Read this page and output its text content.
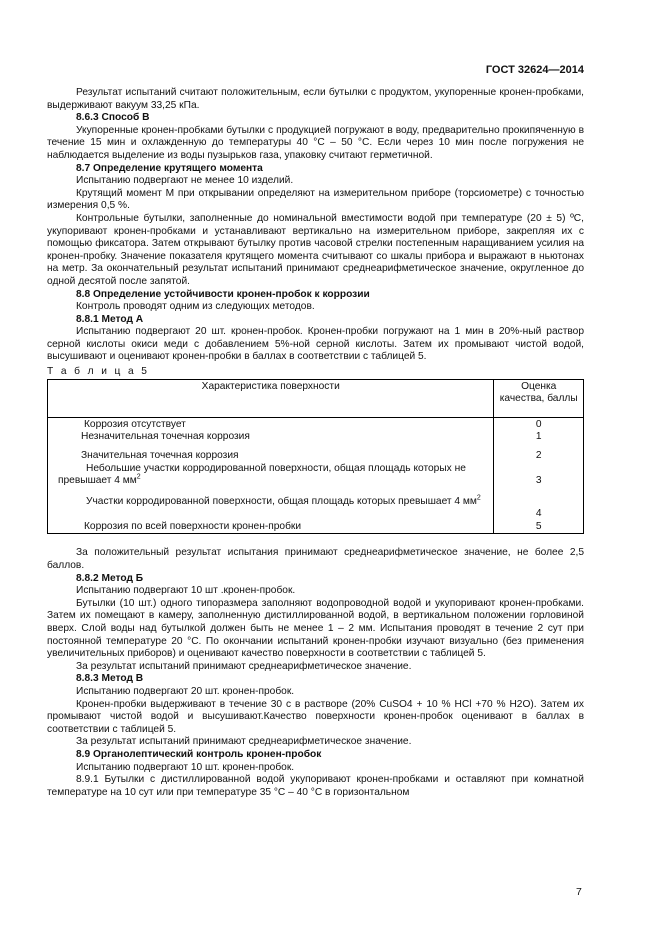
ГОСТ 32624—2014

Результат испытаний считают положительным, если бутылки с продуктом, укупоренные кронен-пробками, выдерживают вакуум 33,25 кПа.

8.6.3 Способ В

Укупоренные кронен-пробками бутылки с продукцией погружают в воду, предварительно прокипяченную в течение 15 мин и охлажденную до температуры 40 °С – 50 °С. Если через 10 мин после погружения не наблюдается выделение из воды пузырьков газа, упаковку считают герметичной.

8.7 Определение крутящего момента

Испытанию подвергают не менее 10 изделий.

Крутящий момент М при открывании определяют на измерительном приборе (торсиометре) с точностью измерения 0,5 %.

Контрольные бутылки, заполненные до номинальной вместимости водой при температуре (20 ± 5) ºС, укупоривают кронен-пробками и устанавливают вертикально на измерительном приборе, закрепляя их с помощью фиксатора. Затем открывают бутылку против часовой стрелки постепенным наращиванием усилия на кронен-пробку. Значение показателя крутящего момента считывают со шкалы прибора и выражают в ньютонах на метр. За окончательный результат испытаний принимают среднеарифметическое значение, округленное до одной десятой после запятой.

8.8 Определение устойчивости кронен-пробок к коррозии

Контроль проводят одним из следующих методов.

8.8.1 Метод А

Испытанию подвергают 20 шт. кронен-пробок. Кронен-пробки погружают на 1 мин в 20%-ный раствор серной кислоты окиси меди с добавлением 5%-ной серной кислоты. Затем их промывают чистой водой, высушивают и оценивают кронен-пробки в баллах в соответствии с таблицей 5.

Т а б л и ц а 5

Характеристика поверхности	Оценка качества, баллы
Коррозия отсутствует	0
Незначительная точечная коррозия	1
Значительная точечная коррозия	2
Небольшие участки корродированной поверхности, общая площадь которых не превышает 4 $мм^2$	3
Участки корродированной поверхности, общая площадь которых превышает 4 $мм^2$	4
Коррозия по всей поверхности кронен-пробки	5

За положительный результат испытания принимают среднеарифметическое значение, не более 2,5 баллов.

8.8.2 Метод Б

Испытанию подвергают 10 шт .кронен-пробок.

Бутылки (10 шт.) одного типоразмера заполняют водопроводной водой и укупоривают кронен-пробками. Затем их помещают в камеру, заполненную дистиллированной водой, в вертикальном положении горловиной вверх. Слой воды над бутылкой должен быть не менее 1 – 2 мм. Испытания проводят в течение 2 сут при постоянной температуре 20 °С. По окончании испытаний кронен-пробки изучают визуально (без применения увеличительных приборов) и оценивают качество поверхности в соответствии с таблицей 5.

За результат испытаний принимают среднеарифметическое значение.

8.8.3 Метод В

Испытанию подвергают 20 шт. кронен-пробок.

Кронен-пробки выдерживают в течение 30 с в растворе (20% CuSO4 + 10 % HCl +70 % H2O). Затем их промывают чистой водой и высушивают.Качество поверхности кронен-пробок оценивают в баллах в соответствии с таблицей 5.

За результат испытаний принимают среднеарифметическое значение.

8.9 Органолептический контроль кронен-пробок

Испытанию подвергают 10 шт. кронен-пробок.

8.9.1 Бутылки с дистиллированной водой укупоривают кронен-пробками и оставляют при комнатной температуре на 10 сут или при температуре 35 °С – 40 °С в горизонтальном

7
